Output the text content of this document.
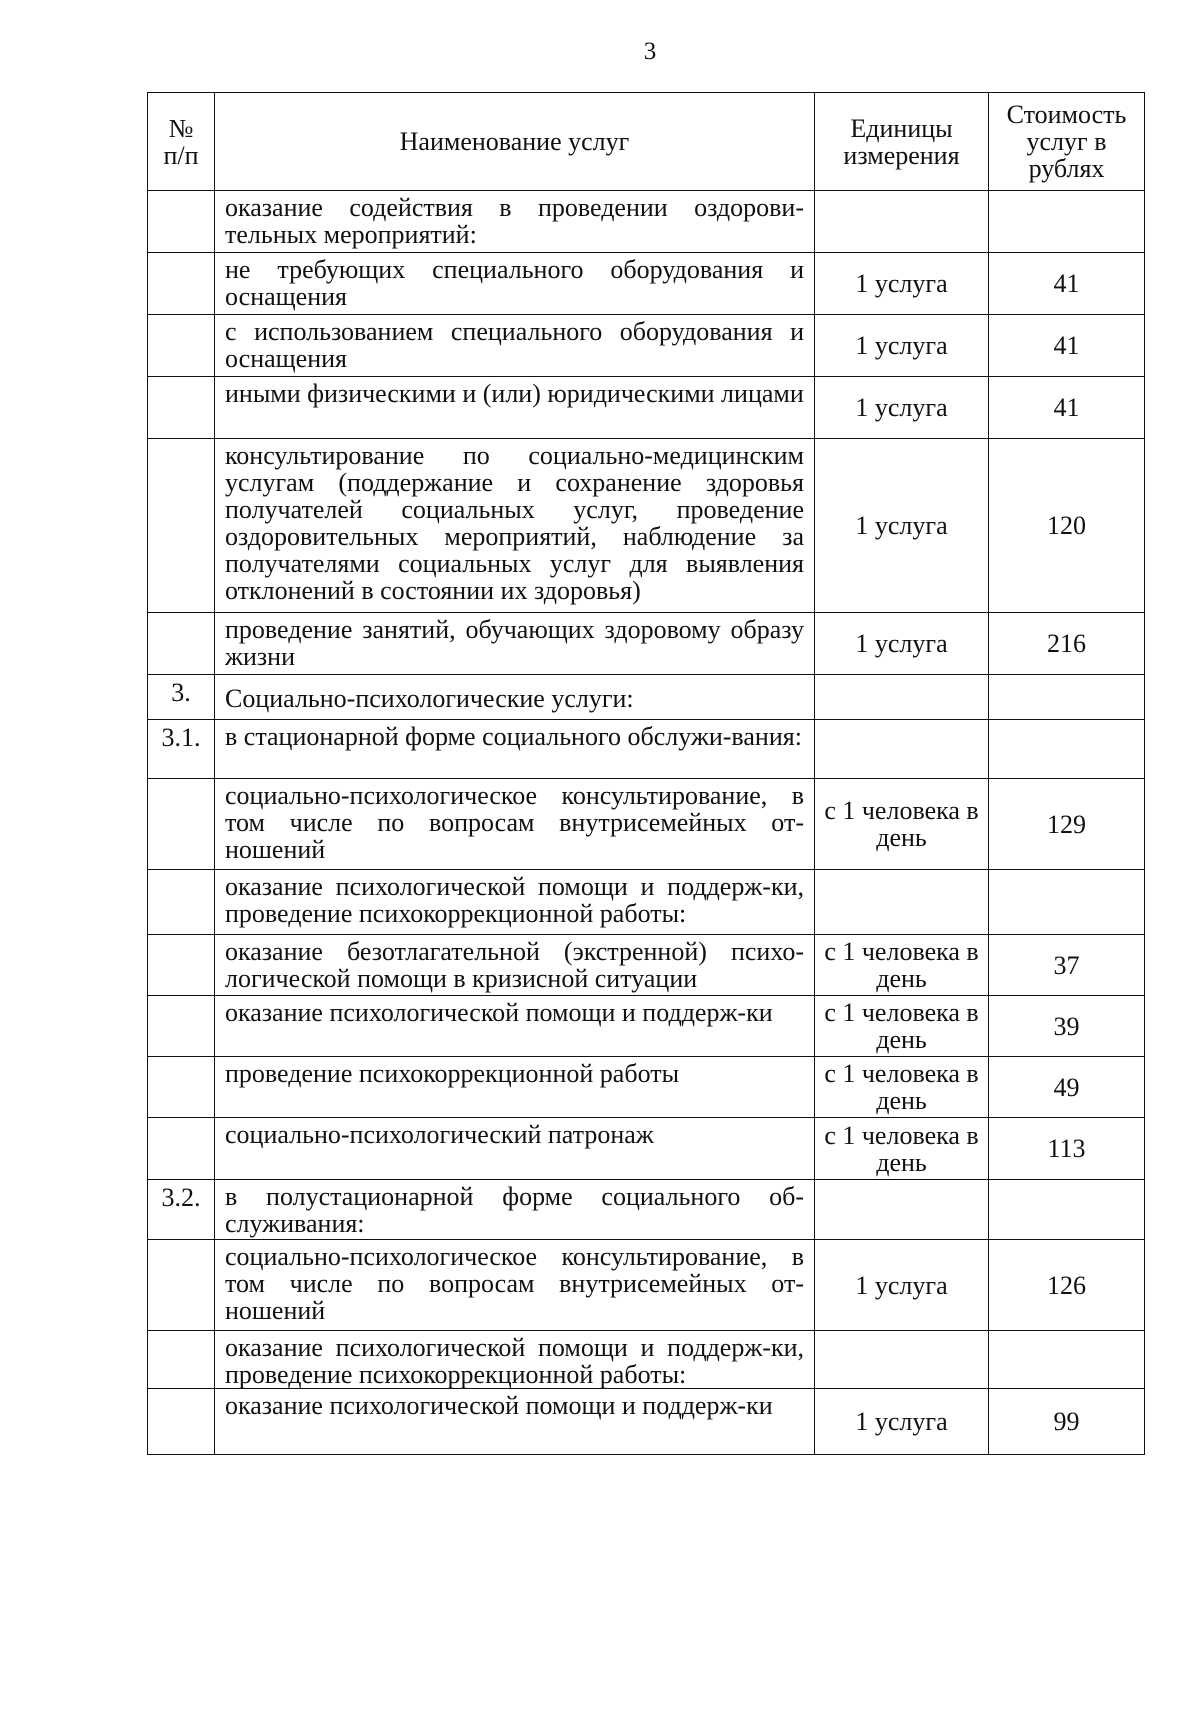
3
№ п/п	Наименование услуг	Единицы измерения	Стоимость услуг в рублях
	оказание содействия в проведении оздорови-тельных мероприятий:		
	не требующих специального оборудования и оснащения	1 услуга	41
	с использованием специального оборудования и оснащения	1 услуга	41
	иными физическими и (или) юридическими лицами	1 услуга	41
	консультирование по социально-медицинским услугам (поддержание и сохранение здоровья получателей социальных услуг, проведение оздоровительных мероприятий, наблюдение за получателями социальных услуг для выявления отклонений в состоянии их здоровья)	1 услуга	120
	проведение занятий, обучающих здоровому образу жизни	1 услуга	216
3.	Социально-психологические услуги:		
3.1.	в стационарной форме социального обслужи-вания:		
	социально-психологическое консультирование, в том числе по вопросам внутрисемейных от-ношений	с 1 человека в день	129
	оказание психологической помощи и поддерж-ки, проведение психокоррекционной работы:		
	оказание безотлагательной (экстренной) психо-логической помощи в кризисной ситуации	с 1 человека в день	37
	оказание психологической помощи и поддерж-ки	с 1 человека в день	39
	проведение психокоррекционной работы	с 1 человека в день	49
	социально-психологический патронаж	с 1 человека в день	113
3.2.	в полустационарной форме социального об-служивания:		
	социально-психологическое консультирование, в том числе по вопросам внутрисемейных от-ношений	1 услуга	126
	оказание психологической помощи и поддерж-ки, проведение психокоррекционной работы:		
	оказание психологической помощи и поддерж-ки	1 услуга	99
